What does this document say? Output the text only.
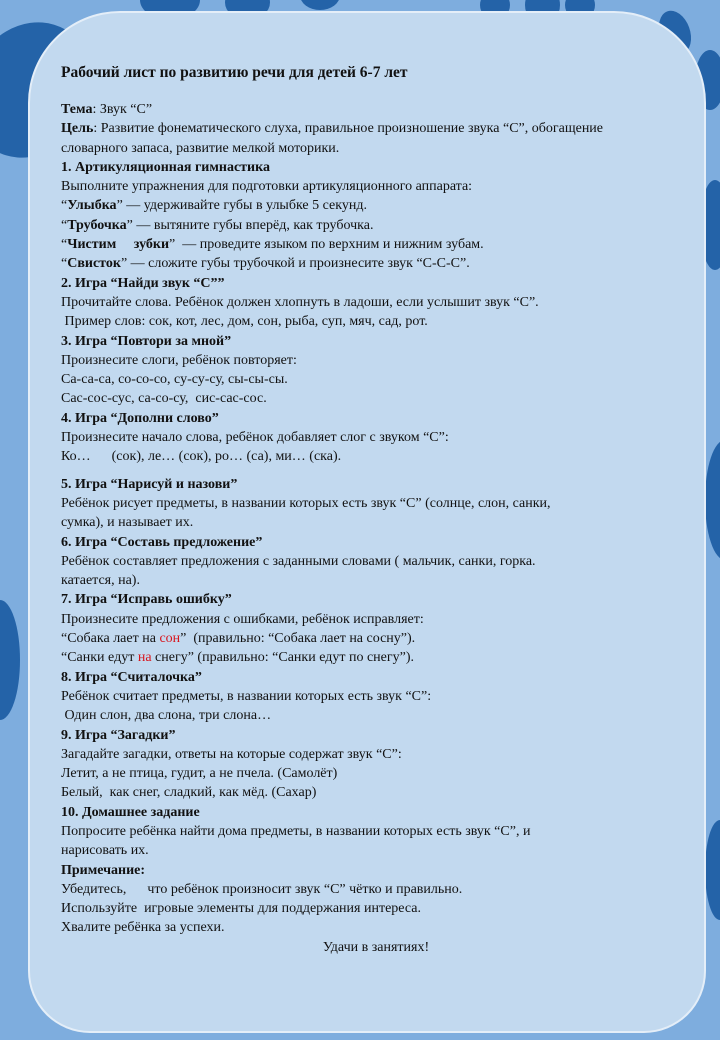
Рабочий лист по развитию речи для детей 6-7 лет
Тема: Звук “С”
Цель: Развитие фонематического слуха, правильное произношение звука “С”, обогащение
словарного запаса, развитие мелкой моторики.
1. Артикуляционная гимнастика
Выполните упражнения для подготовки артикуляционного аппарата:
“Улыбка” — удерживайте губы в улыбке 5 секунд.
“Трубочка” — вытяните губы вперёд, как трубочка.
“Чистим     зубки”  — проведите языком по верхним и нижним зубам.
“Свисток” — сложите губы трубочкой и произнесите звук “С-С-С”.
2. Игра “Найди звук “С””
Прочитайте слова. Ребёнок должен хлопнуть в ладоши, если услышит звук “С”.
Пример слов: сок, кот, лес, дом, сон, рыба, суп, мяч, сад, рот.
3. Игра “Повтори за мной”
Произнесите слоги, ребёнок повторяет:
Са-са-са, со-со-со, су-су-су, сы-сы-сы.
Сас-сос-сус, са-со-су,  сис-сас-сос.
4. Игра “Дополни слово”
Произнесите начало слова, ребёнок добавляет слог с звуком “С”:
Ко…      (сок), ле… (сок), ро… (са), ми… (ска).
5. Игра “Нарисуй и назови”
Ребёнок рисует предметы, в названии которых есть звук “С” (солнце, слон, санки,
сумка), и называет их.
6. Игра “Составь предложение”
Ребёнок составляет предложения с заданными словами ( мальчик, санки, горка.
катается, на).
7. Игра “Исправь ошибку”
Произнесите предложения с ошибками, ребёнок исправляет:
“Собака лает на сон”  (правильно: “Собака лает на сосну”).
“Санки едут на снегу” (правильно: “Санки едут по снегу”).
8. Игра “Считалочка”
Ребёнок считает предметы, в названии которых есть звук “С”:
Один слон, два слона, три слона…
9. Игра “Загадки”
Загадайте загадки, ответы на которые содержат звук “С”:
Летит, а не птица, гудит, а не пчела. (Самолёт)
Белый,  как снег, сладкий, как мёд. (Сахар)
10. Домашнее задание
Попросите ребёнка найти дома предметы, в названии которых есть звук “С”, и
нарисовать их.
Примечание:
Убедитесь,      что ребёнок произносит звук “С” чётко и правильно.
Используйте  игровые элементы для поддержания интереса.
Хвалите ребёнка за успехи.
Удачи в занятиях!
